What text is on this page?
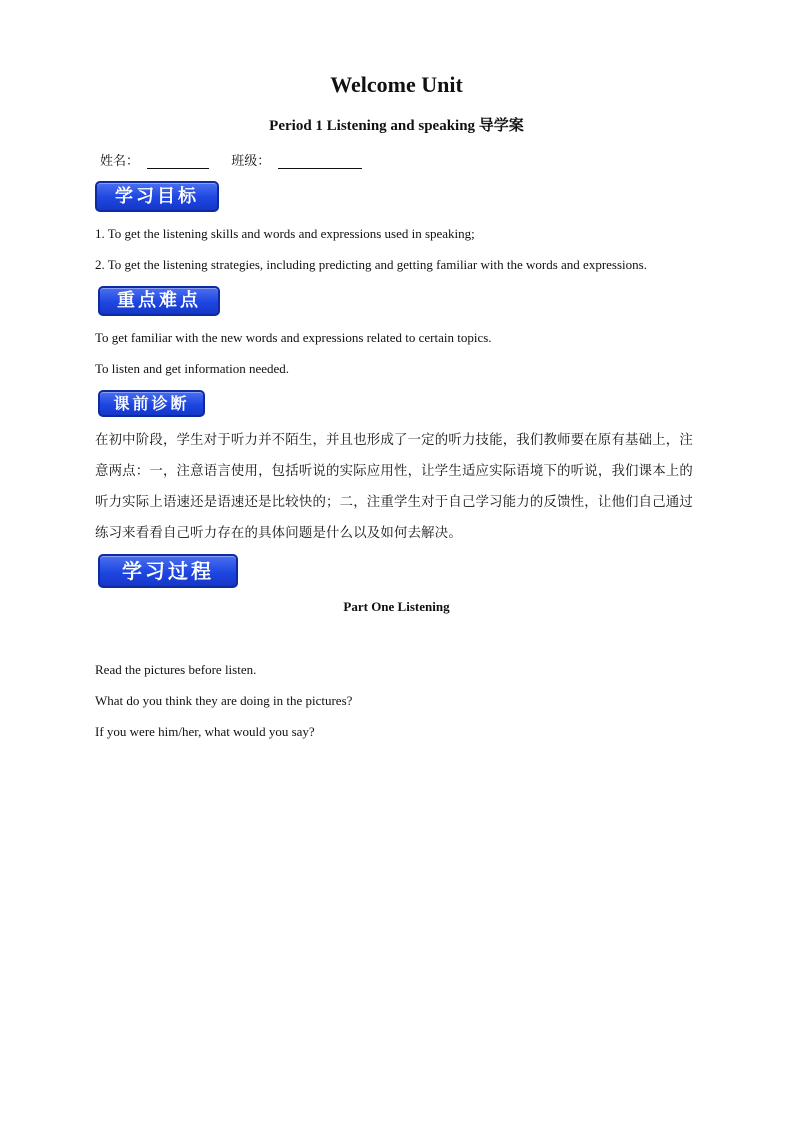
Welcome Unit
Period 1 Listening and speaking 导学案
姓名：	班级：
学习目标
1. To get the listening skills and words and expressions used in speaking;
2. To get the listening strategies, including predicting and getting familiar with the words and expressions.
重点难点
To get familiar with the new words and expressions related to certain topics.
To listen and get information needed.
课前诊断
在初中阶段，学生对于听力并不陌生，并且也形成了一定的听力技能，我们教师要在原有基础上，注意两点：一，注意语言使用，包括听说的实际应用性，让学生适应实际语境下的听说，我们课本上的听力实际上语速还是语速还是比较快的；二，注重学生对于自己学习能力的反馈性，让他们自己通过练习来看看自己听力存在的具体问题是什么以及如何去解决。
学习过程
Part One Listening
Read the pictures before listen.
What do you think they are doing in the pictures?
If you were him/her, what would you say?
